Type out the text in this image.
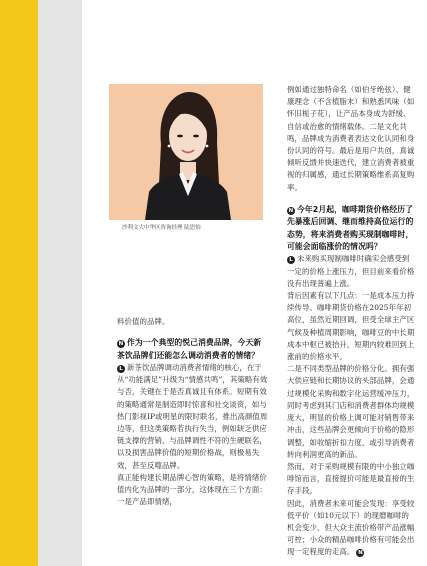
沙利文大中华区咨询经理 陆思怡

例如通过独特命名（如伯牙绝弦）、健康理念（不含植脂末）和熟悉风味（如怀旧栀子花），让产品本身成为舒缓、自信或治愈的情绪载体。二是文化共鸣，品牌成为消费者表达文化认同和身份认同的符号。最后是用户共创，真诚倾听反馈并快速迭代，建立消费者被重视的归属感，通过长期策略维系高复购率。

N 今年2月起，咖啡期货价格经历了先暴涨后回调、继而维持高位运行的态势，将来消费者购买现制咖啡时，可能会面临涨价的情况吗？

L 未来购买现制咖啡时确实会感受到一定的价格上涨压力，但目前来看价格没有出现普遍上涨。

背后因素有以下几点：一是成本压力持续传导。咖啡期货价格在2025年年初高位，虽然近期回调，但受全球主产区气候及种植周期影响，咖啡豆的中长期成本中枢已被抬升，短期内较难回到上涨前的价格水平。

二是不同类型品牌的价格分化。拥有强大供应链和长期协议的头部品牌，会通过规模化采购和数字化运营缓冲压力，同时考虑到其门店和消费者群体均规模庞大，明显的价格上调可能对销售带来冲击，这些品牌会更倾向于价格的隐形调整，如收缩折扣力度，或引导消费者转向利润更高的新品。

然而，对于采购规模有限的中小独立咖啡馆而言，直接提价可能是最直接的生存手段。

因此，消费者未来可能会发现：享受较低平价（如10元以下）的现磨咖啡的机会变少，但大众主流价格带产品涨幅可控；小众的精品咖啡价格有可能会出现一定程度的走高。 N

料价值的品牌。

N 作为一个典型的悦己消费品牌，今天新茶饮品牌们还能怎么调动消费者的情绪？

L 新茶饮品牌调动消费者情绪的核心，在于从“功能满足”升级为“情感共鸣”，其策略有效与否，关键在于是否真诚且有体系。短期有效的策略通常是制造即时惊喜和社交谈资，如与热门影视IP或明星的限时联名，推出高颜值周边等，但这类策略若执行失当，例如缺乏供应链支撑的营销、与品牌调性不符的生硬联名，以及损害品牌价值的短期价格战，则极易失效，甚至反噬品牌。

真正能构建长期品牌心智的策略，是将情绪价值内化为品牌的一部分，这体现在三个方面：一是产品即情绪，
